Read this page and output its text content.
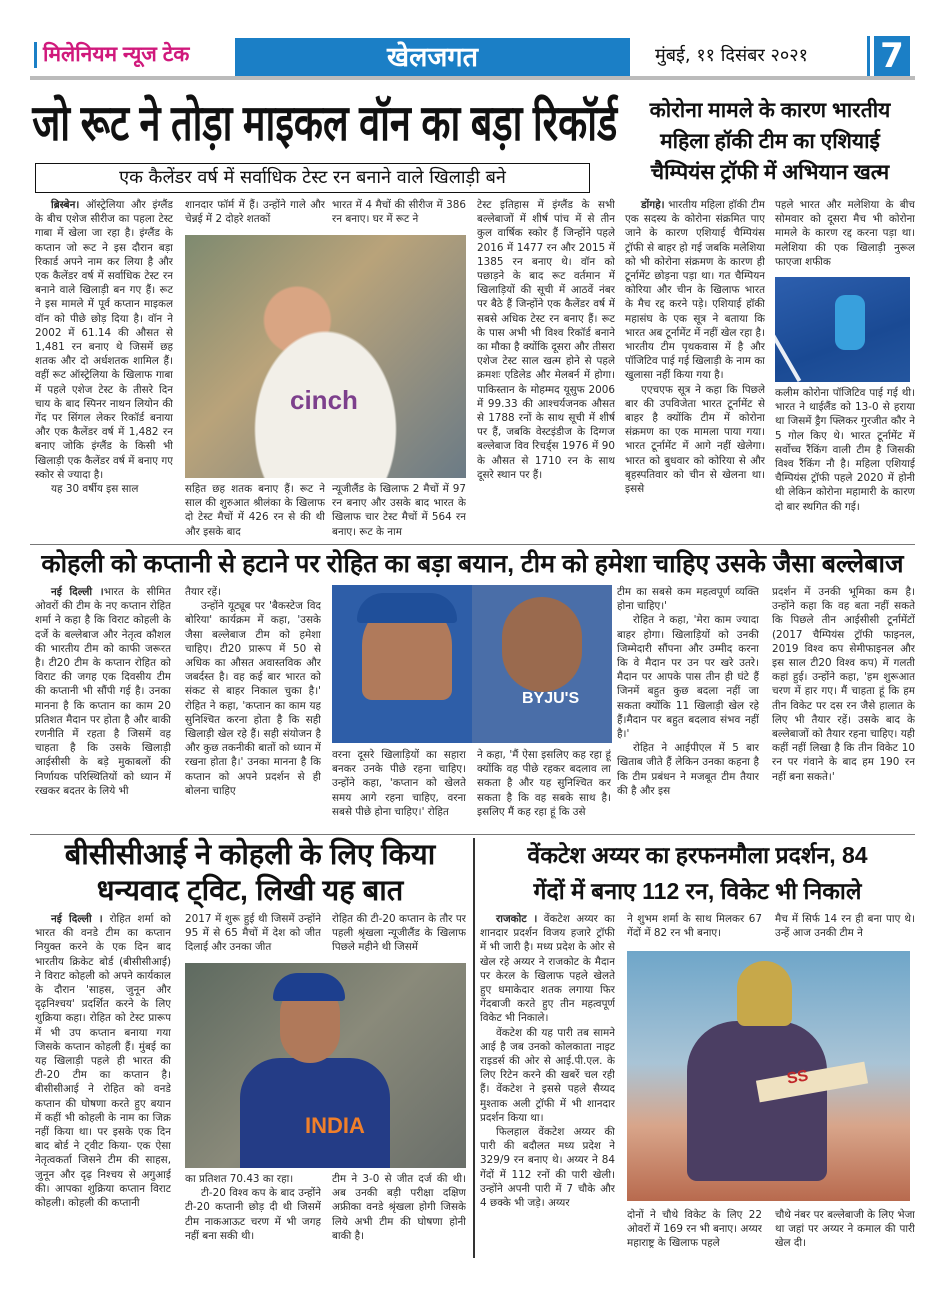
मिलेनियम न्यूज टेक	खेलजगत	मुंबई, ११ दिसंबर २०२१	7
जो रूट ने तोड़ा माइकल वॉन का बड़ा रिकॉर्ड
एक कैलेंडर वर्ष में सर्वाधिक टेस्ट रन बनाने वाले खिलाड़ी बने

ब्रिस्बेन। ऑस्ट्रेलिया और इंग्लैंड के बीच एशेज सीरीज का पहला टेस्ट गाबा में खेला जा रहा है। इंग्लैंड के कप्तान जो रूट ने इस दौरान बड़ा रिकार्ड अपने नाम कर लिया है और एक कैलेंडर वर्ष में सर्वाधिक टेस्ट रन बनाने वाले खिलाड़ी बन गए हैं। रूट ने इस मामले में पूर्व कप्तान माइकल वॉन को पीछे छोड़ दिया है। वॉन ने 2002 में 61.14 की औसत से 1,481 रन बनाए थे जिसमें छह शतक और दो अर्धशतक शामिल हैं। वहीं रूट ऑस्ट्रेलिया के खिलाफ गाबा में पहले एशेज टेस्ट के तीसरे दिन चाय के बाद स्पिनर नाथन लियोन की गेंद पर सिंगल लेकर रिकॉर्ड बनाया और एक कैलेंडर वर्ष में 1,482 रन बनाए जोकि इंग्लैंड के किसी भी खिलाड़ी एक कैलेंडर वर्ष में बनाए गए स्कोर से ज्यादा है।

यह 30 वर्षीय इस साल

शानदार फॉर्म में हैं। उन्होंने गाले और चेन्नई में 2 दोहरे शतकों
भारत में 4 मैचों की सीरीज में 386 रन बनाए। घर में रूट ने
cinch
सहित छह शतक बनाए हैं। रूट ने साल की शुरुआत श्रीलंका के खिलाफ दो टेस्ट मैचों में 426 रन से की थी और इसके बाद
न्यूजीलैंड के खिलाफ 2 मैचों में 97 रन बनाए और उसके बाद भारत के खिलाफ चार टेस्ट मैचों में 564 रन बनाए। रूट के नाम
टेस्ट इतिहास में इंग्लैंड के सभी बल्लेबाजों में शीर्ष पांच में से तीन कुल वार्षिक स्कोर हैं जिन्होंने पहले 2016 में 1477 रन और 2015 में 1385 रन बनाए थे। वॉन को पछाड़ने के बाद रूट वर्तमान में खिलाड़ियों की सूची में आठवें नंबर पर बैठे हैं जिन्होंने एक कैलेंडर वर्ष में सबसे अधिक टेस्ट रन बनाए हैं। रूट के पास अभी भी विश्व रिकॉर्ड बनाने का मौका है क्योंकि दूसरा और तीसरा एशेज टेस्ट साल खत्म होने से पहले क्रमशः एडिलेड और मेलबर्न में होगा। पाकिस्तान के मोहम्मद यूसुफ 2006 में 99.33 की आश्चर्यजनक औसत से 1788 रनों के साथ सूची में शीर्ष पर हैं, जबकि वेस्टइंडीज के दिग्गज बल्लेबाज विव रिचर्ड्स 1976 में 90 के औसत से 1710 रन के साथ दूसरे स्थान पर हैं।
कोरोना मामले के कारण भारतीय
महिला हॉकी टीम का एशियाई
चैम्पियंस ट्रॉफी में अभियान खत्म

डोंगहे। भारतीय महिला हॉकी टीम एक सदस्य के कोरोना संक्रमित पाए जाने के कारण एशियाई चैम्पियंस ट्रॉफी से बाहर हो गई जबकि मलेशिया को भी कोरोना संक्रमण के कारण ही टूर्नामेंट छोड़ना पड़ा था। गत चैम्पियन कोरिया और चीन के खिलाफ भारत के मैच रद्द करने पड़े। एशियाई हॉकी महासंघ के एक सूत्र ने बताया कि भारत अब टूर्नामेंट में नहीं खेल रहा है। भारतीय टीम पृथकवास में है और पॉजिटिव पाई गई खिलाड़ी के नाम का खुलासा नहीं किया गया है।

एएचएफ सूत्र ने कहा कि पिछले बार की उपविजेता भारत टूर्नामेंट से बाहर है क्योंकि टीम में कोरोना संक्रमण का एक मामला पाया गया। भारत टूर्नामेंट में आगे नहीं खेलेगा। भारत को बुधवार को कोरिया से और बृहस्पतिवार को चीन से खेलना था। इससे

पहले भारत और मलेशिया के बीच सोमवार को दूसरा मैच भी कोरोना मामले के कारण रद्द करना पड़ा था। मलेशिया की एक खिलाड़ी नुरूल फाएजा शफीक
कलीम कोरोना पॉजिटिव पाई गई थी। भारत ने थाईलैंड को 13-0 से हराया था जिसमें ड्रैग फ्लिकर गुरजीत कौर ने 5 गोल किए थे। भारत टूर्नामेंट में सर्वोच्च रैंकिंग वाली टीम है जिसकी विश्व रैंकिंग नौ है। महिला एशियाई चैम्पियंस ट्रॉफी पहले 2020 में होनी थी लेकिन कोरोना महामारी के कारण दो बार स्थगित की गई।
कोहली को कप्तानी से हटाने पर रोहित का बड़ा बयान, टीम को हमेशा चाहिए उसके जैसा बल्लेबाज

नई दिल्ली ।भारत के सीमित ओवरों की टीम के नए कप्तान रोहित शर्मा ने कहा है कि विराट कोहली के दर्जे के बल्लेबाज और नेतृत्व कौशल की भारतीय टीम को काफी जरूरत है। टी20 टीम के कप्तान रोहित को विराट की जगह एक दिवसीय टीम की कप्तानी भी सौंपी गई है। उनका मानना है कि कप्तान का काम 20 प्रतिशत मैदान पर होता है और बाकी रणनीति में रहता है जिसमें वह चाहता है कि उसके खिलाड़ी आईसीसी के बड़े मुकाबलों की निर्णायक परिस्थितियों को ध्यान में रखकर बदतर के लिये भी

तैयार रहें।

उन्होंने यूट्यूब पर 'बैकस्टेज विद बोरिया' कार्यक्रम में कहा, 'उसके जैसा बल्लेबाज टीम को हमेशा चाहिए। टी20 प्रारूप में 50 से अधिक का औसत अवास्तविक और जबर्दस्त है। वह कई बार भारत को संकट से बाहर निकाल चुका है।' रोहित ने कहा, 'कप्तान का काम यह सुनिश्चित करना होता है कि सही खिलाड़ी खेल रहे हैं। सही संयोजन है और कुछ तकनीकी बातों को ध्यान में रखना होता है।' उनका मानना है कि कप्तान को अपने प्रदर्शन से ही बोलना चाहिए

BYJU'S
वरना दूसरे खिलाड़ियों का सहारा बनकर उनके पीछे रहना चाहिए। उन्होंने कहा, 'कप्तान को खेलते समय आगे रहना चाहिए, वरना सबसे पीछे होना चाहिए।' रोहित
ने कहा, 'मैं ऐसा इसलिए कह रहा हूं क्योंकि वह पीछे रहकर बदलाव ला सकता है और यह सुनिश्चित कर सकता है कि वह सबके साथ है। इसलिए मैं कह रहा हूं कि उसे
टीम का सबसे कम महत्वपूर्ण व्यक्ति होना चाहिए।'

रोहित ने कहा, 'मेरा काम ज्यादा बाहर होगा। खिलाड़ियों को उनकी जिम्मेदारी सौंपना और उम्मीद करना कि वे मैदान पर उन पर खरे उतरे। मैदान पर आपके पास तीन ही घंटे हैं जिनमें बहुत कुछ बदला नहीं जा सकता क्योंकि 11 खिलाड़ी खेल रहे हैं।मैदान पर बहुत बदलाव संभव नहीं है।'

रोहित ने आईपीएल में 5 बार खिताब जीते हैं लेकिन उनका कहना है कि टीम प्रबंधन ने मजबूत टीम तैयार की है और इस

प्रदर्शन में उनकी भूमिका कम है। उन्होंने कहा कि वह बता नहीं सकते कि पिछले तीन आईसीसी टूर्नामेंटों (2017 चैम्पियंस ट्रॉफी फाइनल, 2019 विश्व कप सेमीफाइनल और इस साल टी20 विश्व कप) में गलती कहां हुई। उन्होंने कहा, 'हम शुरूआत चरण में हार गए। मैं चाहता हूं कि हम तीन विकेट पर दस रन जैसे हालात के लिए भी तैयार रहें। उसके बाद के बल्लेबाजों को तैयार रहना चाहिए। यही कहीं नहीं लिखा है कि तीन विकेट 10 रन पर गंवाने के बाद हम 190 रन नहीं बना सकते।'
बीसीसीआई ने कोहली के लिए किया
धन्यवाद ट्विट, लिखी यह बात

नई दिल्ली । रोहित शर्मा को भारत की वनडे टीम का कप्तान नियुक्त करने के एक दिन बाद भारतीय क्रिकेट बोर्ड (बीसीसीआई) ने विराट कोहली को अपने कार्यकाल के दौरान 'साहस, जुनून और दृढ़निश्चय' प्रदर्शित करने के लिए शुक्रिया कहा। रोहित को टेस्ट प्रारूप में भी उप कप्तान बनाया गया जिसके कप्तान कोहली हैं। मुंबई का यह खिलाड़ी पहले ही भारत की टी-20 टीम का कप्तान है।बीसीसीआई ने रोहित को वनडे कप्तान की घोषणा करते हुए बयान में कहीं भी कोहली के नाम का जिक्र नहीं किया था। पर इसके एक दिन बाद बोर्ड ने ट्वीट किया- एक ऐसा नेतृत्वकर्ता जिसने टीम की साहस, जुनून और दृढ़ निश्चय से अगुआई की। आपका शुक्रिया कप्तान विराट कोहली। कोहली की कप्तानी

2017 में शुरू हुई थी जिसमें उन्होंने 95 में से 65 मैचों में देश को जीत दिलाई और उनका जीत
रोहित की टी-20 कप्तान के तौर पर पहली श्रृंखला न्यूजीलैंड के खिलाफ पिछले महीने थी जिसमें
INDIA
का प्रतिशत 70.43 का रहा।

टी-20 विश्व कप के बाद उन्होंने टी-20 कप्तानी छोड़ दी थी जिसमें टीम नाकआऊट चरण में भी जगह नहीं बना सकी थी।

टीम ने 3-0 से जीत दर्ज की थी। अब उनकी बड़ी परीक्षा दक्षिण अफ्रीका वनडे श्रृंखला होगी जिसके लिये अभी टीम की घोषणा होनी बाकी है।
वेंकटेश अय्यर का हरफनमौला प्रदर्शन, 84
गेंदों में बनाए 112 रन, विकेट भी निकाले

राजकोट । वेंकटेश अय्यर का शानदार प्रदर्शन विजय हजारे ट्रॉफी में भी जारी है। मध्य प्रदेश के ओर से खेल रहे अय्यर ने राजकोट के मैदान पर केरल के खिलाफ पहले खेलते हुए धमाकेदार शतक लगाया फिर गेंदबाजी करते हुए तीन महत्वपूर्ण विकेट भी निकाले।

वेंकटेश की यह पारी तब सामने आई है जब उनको कोलकाता नाइट राइडर्स की ओर से आई.पी.एल. के लिए रिटेन करने की खबरें चल रही हैं। वेंकटेश ने इससे पहले सैय्यद मुश्ताक अली ट्रॉफी में भी शानदार प्रदर्शन किया था।

फिलहाल वेंकटेश अय्यर की पारी की बदौलत मध्य प्रदेश ने 329/9 रन बनाए थे। अय्यर ने 84 गेंदों में 112 रनों की पारी खेली। उन्होंने अपनी पारी में 7 चौके और 4 छक्के भी जड़े। अय्यर

ने शुभम शर्मा के साथ मिलकर 67 गेंदों में 82 रन भी बनाए।
मैच में सिर्फ 14 रन ही बना पाए थे। उन्हें आज उनकी टीम ने
SS
दोनों ने चौथे विकेट के लिए 22 ओवरों में 169 रन भी बनाए। अय्यर महाराष्ट्र के खिलाफ पहले
चौथे नंबर पर बल्लेबाजी के लिए भेजा था जहां पर अय्यर ने कमाल की पारी खेल दी।
